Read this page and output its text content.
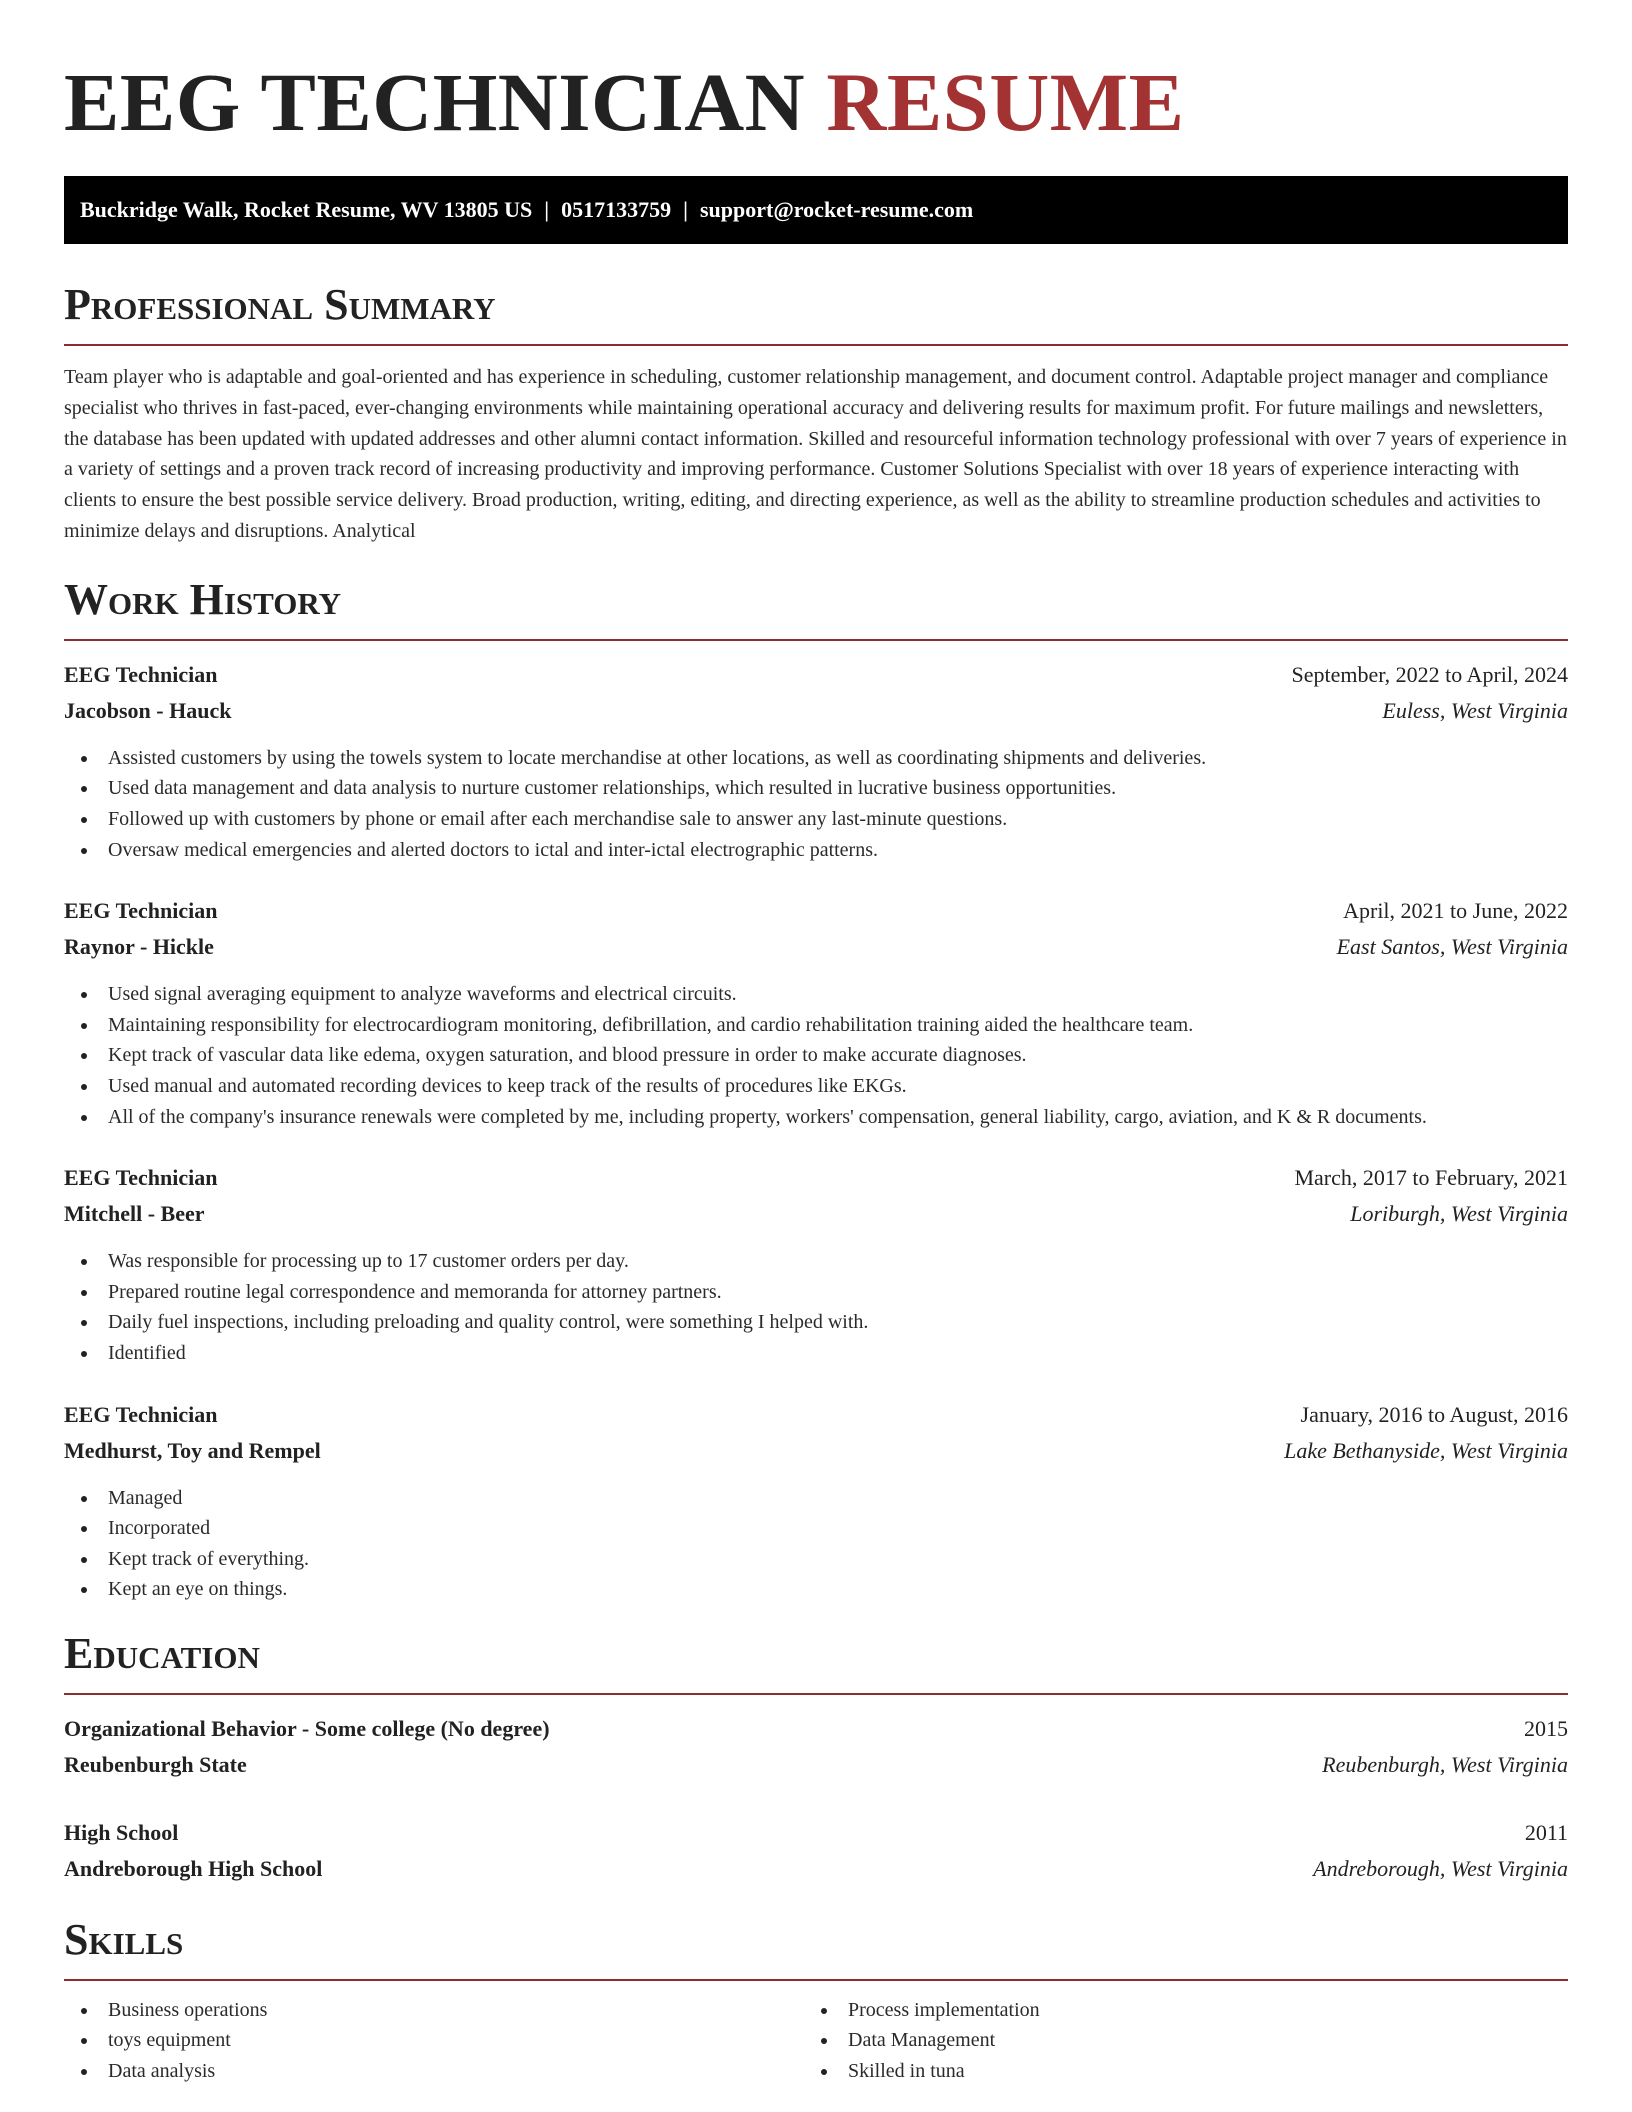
EEG TECHNICIAN RESUME
Buckridge Walk, Rocket Resume, WV 13805 US | 0517133759 | support@rocket-resume.com
Professional Summary

Team player who is adaptable and goal-oriented and has experience in scheduling, customer relationship management, and document control. Adaptable project manager and compliance specialist who thrives in fast-paced, ever-changing environments while maintaining operational accuracy and delivering results for maximum profit. For future mailings and newsletters, the database has been updated with updated addresses and other alumni contact information. Skilled and resourceful information technology professional with over 7 years of experience in a variety of settings and a proven track record of increasing productivity and improving performance. Customer Solutions Specialist with over 18 years of experience interacting with clients to ensure the best possible service delivery. Broad production, writing, editing, and directing experience, as well as the ability to streamline production schedules and activities to minimize delays and disruptions. Analytical

Work History
EEG Technician	September, 2022 to April, 2024
Jacobson - Hauck	Euless, West Virginia
Assisted customers by using the towels system to locate merchandise at other locations, as well as coordinating shipments and deliveries.
Used data management and data analysis to nurture customer relationships, which resulted in lucrative business opportunities.
Followed up with customers by phone or email after each merchandise sale to answer any last-minute questions.
Oversaw medical emergencies and alerted doctors to ictal and inter-ictal electrographic patterns.
EEG Technician	April, 2021 to June, 2022
Raynor - Hickle	East Santos, West Virginia
Used signal averaging equipment to analyze waveforms and electrical circuits.
Maintaining responsibility for electrocardiogram monitoring, defibrillation, and cardio rehabilitation training aided the healthcare team.
Kept track of vascular data like edema, oxygen saturation, and blood pressure in order to make accurate diagnoses.
Used manual and automated recording devices to keep track of the results of procedures like EKGs.
All of the company's insurance renewals were completed by me, including property, workers' compensation, general liability, cargo, aviation, and K & R documents.
EEG Technician	March, 2017 to February, 2021
Mitchell - Beer	Loriburgh, West Virginia
Was responsible for processing up to 17 customer orders per day.
Prepared routine legal correspondence and memoranda for attorney partners.
Daily fuel inspections, including preloading and quality control, were something I helped with.
Identified
EEG Technician	January, 2016 to August, 2016
Medhurst, Toy and Rempel	Lake Bethanyside, West Virginia
Managed
Incorporated
Kept track of everything.
Kept an eye on things.
Education
Organizational Behavior - Some college (No degree)	2015
Reubenburgh State	Reubenburgh, West Virginia
High School	2011
Andreborough High School	Andreborough, West Virginia
Skills
Business operations
toys equipment
Data analysis
Process implementation
Data Management
Skilled in tuna
